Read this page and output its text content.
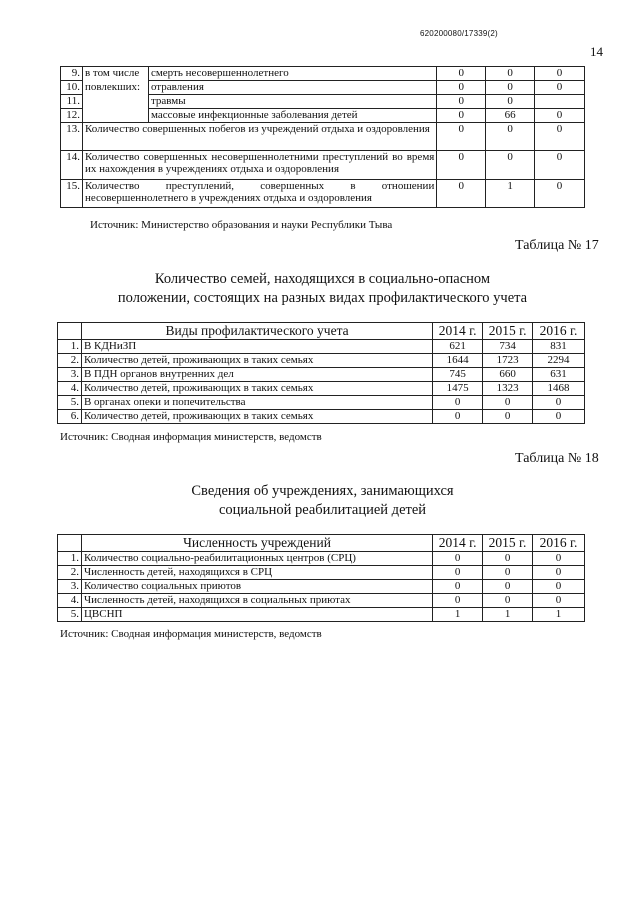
620200080/17339(2)
14
9.	в том числе	смерть несовершеннолетнего	0	0	0
10.	повлекших:	отравления	0	0	0
11.		травмы	0	0	
12.		массовые инфекционные заболевания детей	0	66	0
13.	Количество совершенных побегов из учреждений отдыха и оздоровления		0	0	0
14.	Количество совершенных несовершеннолетними преступлений во время их нахождения в учреждениях отдыха и оздоровления		0	0	0
15.	Количество преступлений, совершенных в отношении несовершеннолетнего в учреждениях отдыха и оздоровления		0	1	0
Источник: Министерство образования и науки Республики Тыва
Таблица № 17
Количество семей, находящихся в социально-опасном
положении, состоящих на разных видах профилактического учета
	Виды профилактического учета	2014 г.	2015 г.	2016 г.
1.	В КДНиЗП	621	734	831
2.	Количество детей, проживающих в таких семьях	1644	1723	2294
3.	В ПДН органов внутренних дел	745	660	631
4.	Количество детей, проживающих в таких семьях	1475	1323	1468
5.	В органах опеки и попечительства	0	0	0
6.	Количество детей, проживающих в таких семьях	0	0	0
Источник: Сводная информация министерств, ведомств
Таблица № 18
Сведения об учреждениях, занимающихся
социальной реабилитацией детей
	Численность учреждений	2014 г.	2015 г.	2016 г.
1.	Количество социально-реабилитационных центров (СРЦ)	0	0	0
2.	Численность детей, находящихся в СРЦ	0	0	0
3.	Количество социальных приютов	0	0	0
4.	Численность детей, находящихся в социальных приютах	0	0	0
5.	ЦВСНП	1	1	1
Источник: Сводная информация министерств, ведомств
